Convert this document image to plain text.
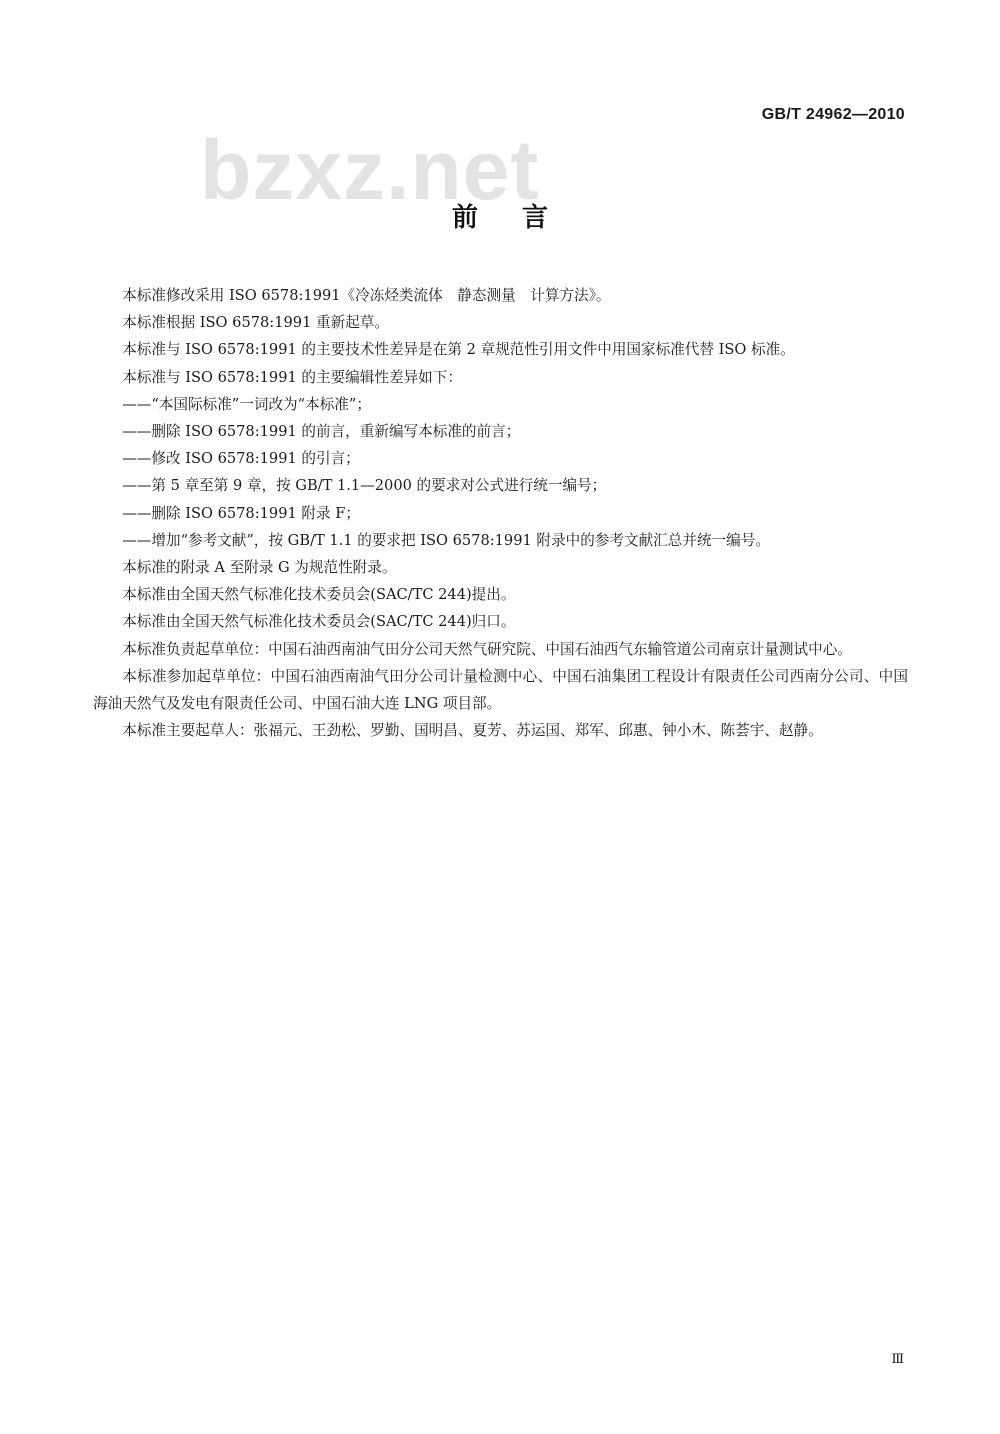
GB/T 24962—2010
bzxz.net
前言

本标准修改采用 ISO 6578:1991《冷冻烃类流体　静态测量　计算方法》。

本标准根据 ISO 6578:1991 重新起草。

本标准与 ISO 6578:1991 的主要技术性差异是在第 2 章规范性引用文件中用国家标准代替 ISO 标准。

本标准与 ISO 6578:1991 的主要编辑性差异如下：

——“本国际标准”一词改为“本标准”；

——删除 ISO 6578:1991 的前言，重新编写本标准的前言；

——修改 ISO 6578:1991 的引言；

——第 5 章至第 9 章，按 GB/T 1.1—2000 的要求对公式进行统一编号；

——删除 ISO 6578:1991 附录 F；

——增加“参考文献”，按 GB/T 1.1 的要求把 ISO 6578:1991 附录中的参考文献汇总并统一编号。

本标准的附录 A 至附录 G 为规范性附录。

本标准由全国天然气标准化技术委员会(SAC/TC 244)提出。

本标准由全国天然气标准化技术委员会(SAC/TC 244)归口。

本标准负责起草单位：中国石油西南油气田分公司天然气研究院、中国石油西气东输管道公司南京计量测试中心。

本标准参加起草单位：中国石油西南油气田分公司计量检测中心、中国石油集团工程设计有限责任公司西南分公司、中国海油天然气及发电有限责任公司、中国石油大连 LNG 项目部。

本标准主要起草人：张福元、王劲松、罗勤、国明昌、夏芳、苏运国、郑军、邱惠、钟小木、陈荟宇、赵静。

Ⅲ
